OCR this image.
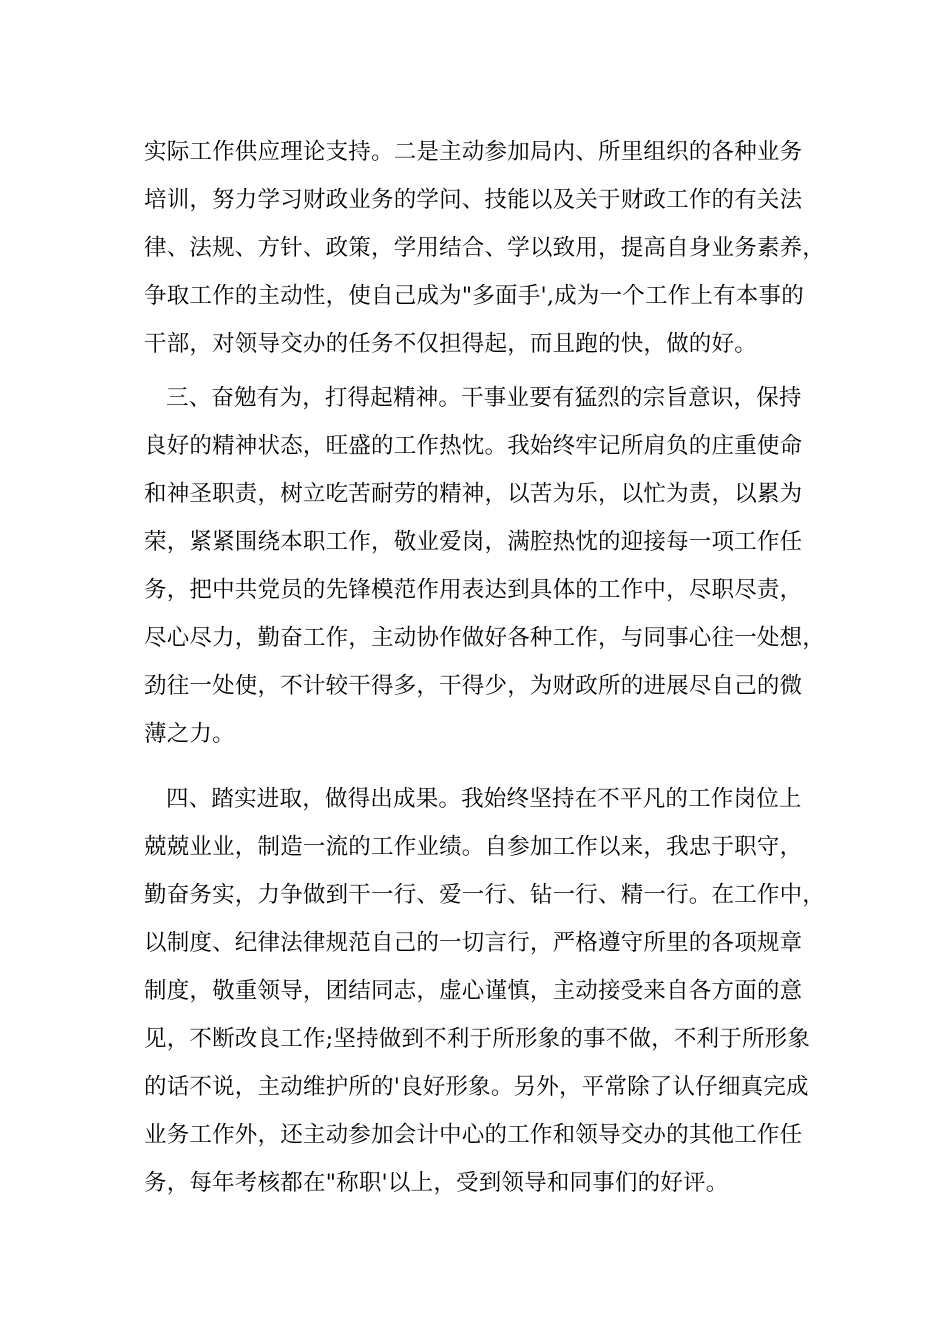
实际工作供应理论支持。二是主动参加局内、所里组织的各种业务
培训，努力学习财政业务的学问、技能以及关于财政工作的有关法
律、法规、方针、政策，学用结合、学以致用，提高自身业务素养，
争取工作的主动性，使自己成为"多面手',成为一个工作上有本事的
干部，对领导交办的任务不仅担得起，而且跑的快，做的好。
三、奋勉有为，打得起精神。干事业要有猛烈的宗旨意识，保持
良好的精神状态，旺盛的工作热忱。我始终牢记所肩负的庄重使命
和神圣职责，树立吃苦耐劳的精神，以苦为乐，以忙为责，以累为
荣，紧紧围绕本职工作，敬业爱岗，满腔热忱的迎接每一项工作任
务，把中共党员的先锋模范作用表达到具体的工作中，尽职尽责，
尽心尽力，勤奋工作，主动协作做好各种工作，与同事心往一处想，
劲往一处使，不计较干得多，干得少，为财政所的进展尽自己的微
薄之力。
四、踏实进取，做得出成果。我始终坚持在不平凡的工作岗位上
兢兢业业，制造一流的工作业绩。自参加工作以来，我忠于职守，
勤奋务实，力争做到干一行、爱一行、钻一行、精一行。在工作中，
以制度、纪律法律规范自己的一切言行，严格遵守所里的各项规章
制度，敬重领导，团结同志，虚心谨慎，主动接受来自各方面的意
见，不断改良工作;坚持做到不利于所形象的事不做，不利于所形象
的话不说，主动维护所的'良好形象。另外，平常除了认仔细真完成
业务工作外，还主动参加会计中心的工作和领导交办的其他工作任
务，每年考核都在"称职'以上，受到领导和同事们的好评。
